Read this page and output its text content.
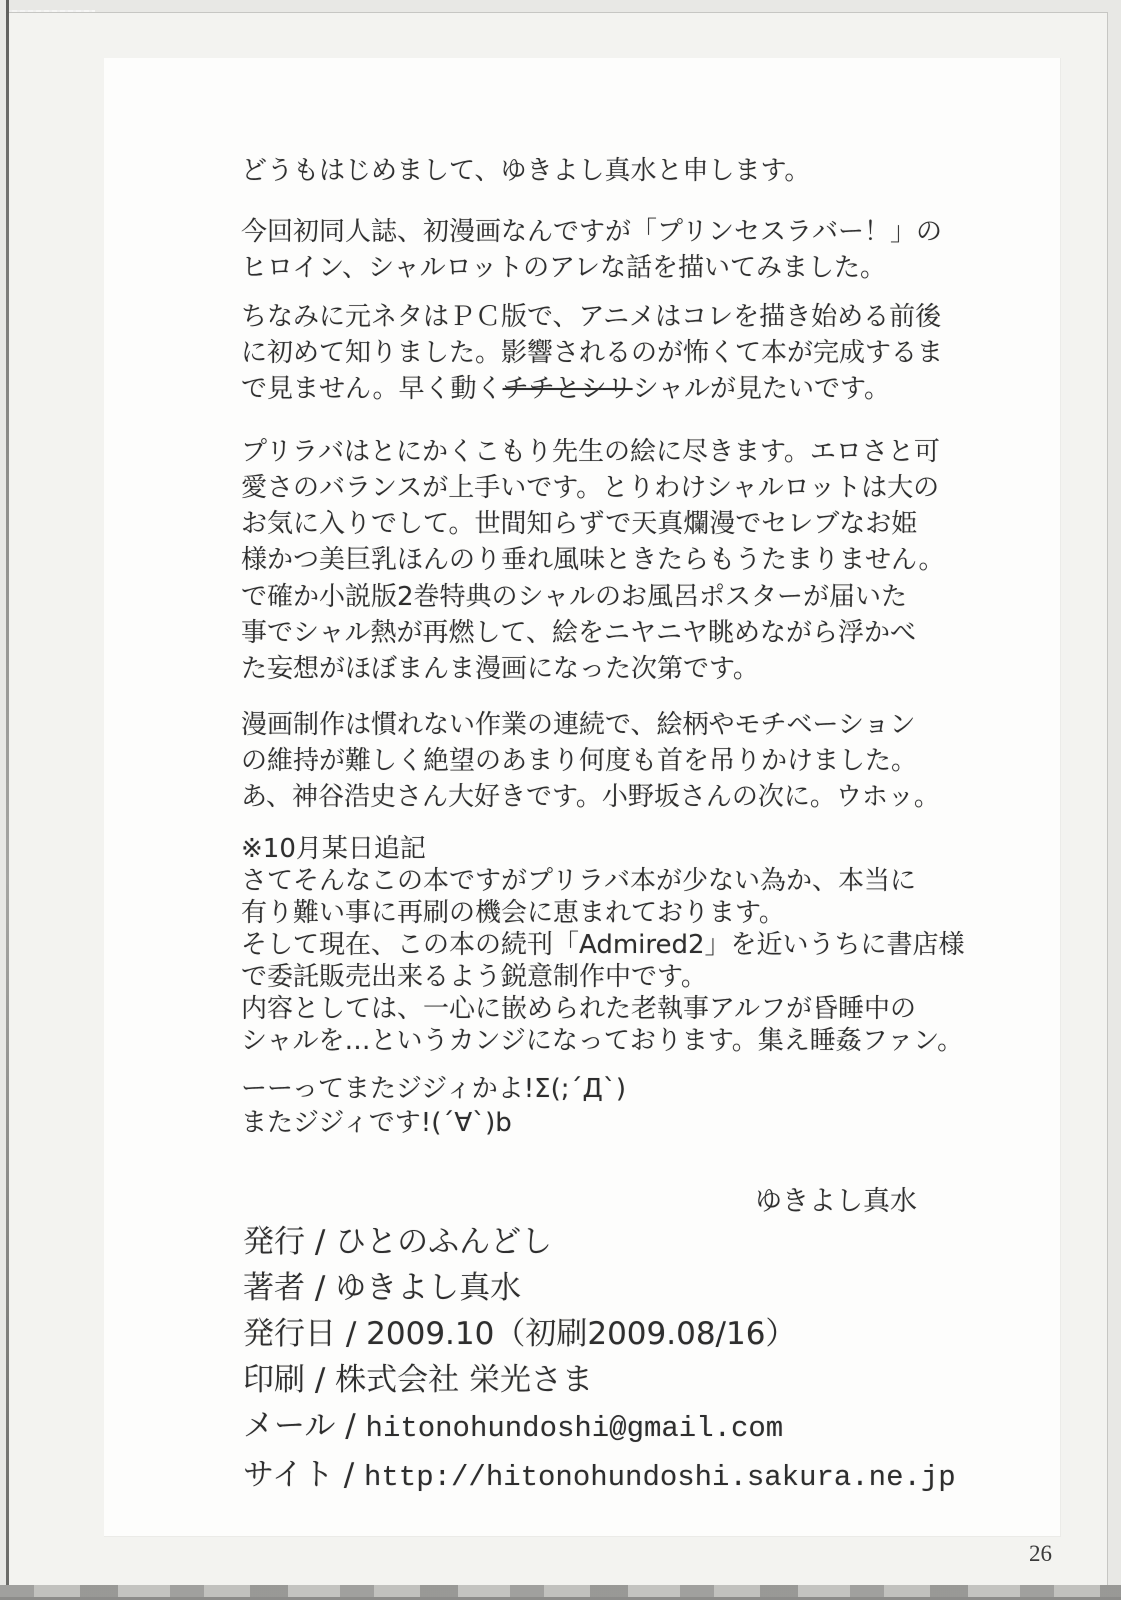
どうもはじめまして、ゆきよし真水と申します。
今回初同人誌、初漫画なんですが「プリンセスラバー！」の
ヒロイン、シャルロットのアレな話を描いてみました。
ちなみに元ネタはＰＣ版で、アニメはコレを描き始める前後
に初めて知りました。影響されるのが怖くて本が完成するま
で見ません。早く動くチチとシリシャルが見たいです。
プリラバはとにかくこもり先生の絵に尽きます。エロさと可
愛さのバランスが上手いです。とりわけシャルロットは大の
お気に入りでして。世間知らずで天真爛漫でセレブなお姫
様かつ美巨乳ほんのり垂れ風味ときたらもうたまりません。
で確か小説版2巻特典のシャルのお風呂ポスターが届いた
事でシャル熱が再燃して、絵をニヤニヤ眺めながら浮かべ
た妄想がほぼまんま漫画になった次第です。
漫画制作は慣れない作業の連続で、絵柄やモチベーション
の維持が難しく絶望のあまり何度も首を吊りかけました。
あ、神谷浩史さん大好きです。小野坂さんの次に。ウホッ。
※10月某日追記
さてそんなこの本ですがプリラバ本が少ない為か、本当に
有り難い事に再刷の機会に恵まれております。
そして現在、この本の続刊「Admired2」を近いうちに書店様
で委託販売出来るよう鋭意制作中です。
内容としては、一心に嵌められた老執事アルフが昏睡中の
シャルを…というカンジになっております。集え睡姦ファン。
ーーってまたジジィかよ!Σ(;´Д`)
またジジィです!(´∀`)b
ゆきよし真水
発行 / ひとのふんどし
著者 / ゆきよし真水
発行日 / 2009.10（初刷2009.08/16）
印刷 / 株式会社 栄光さま
メール / hitonohundoshi@gmail.com
サイト / http://hitonohundoshi.sakura.ne.jp
26
